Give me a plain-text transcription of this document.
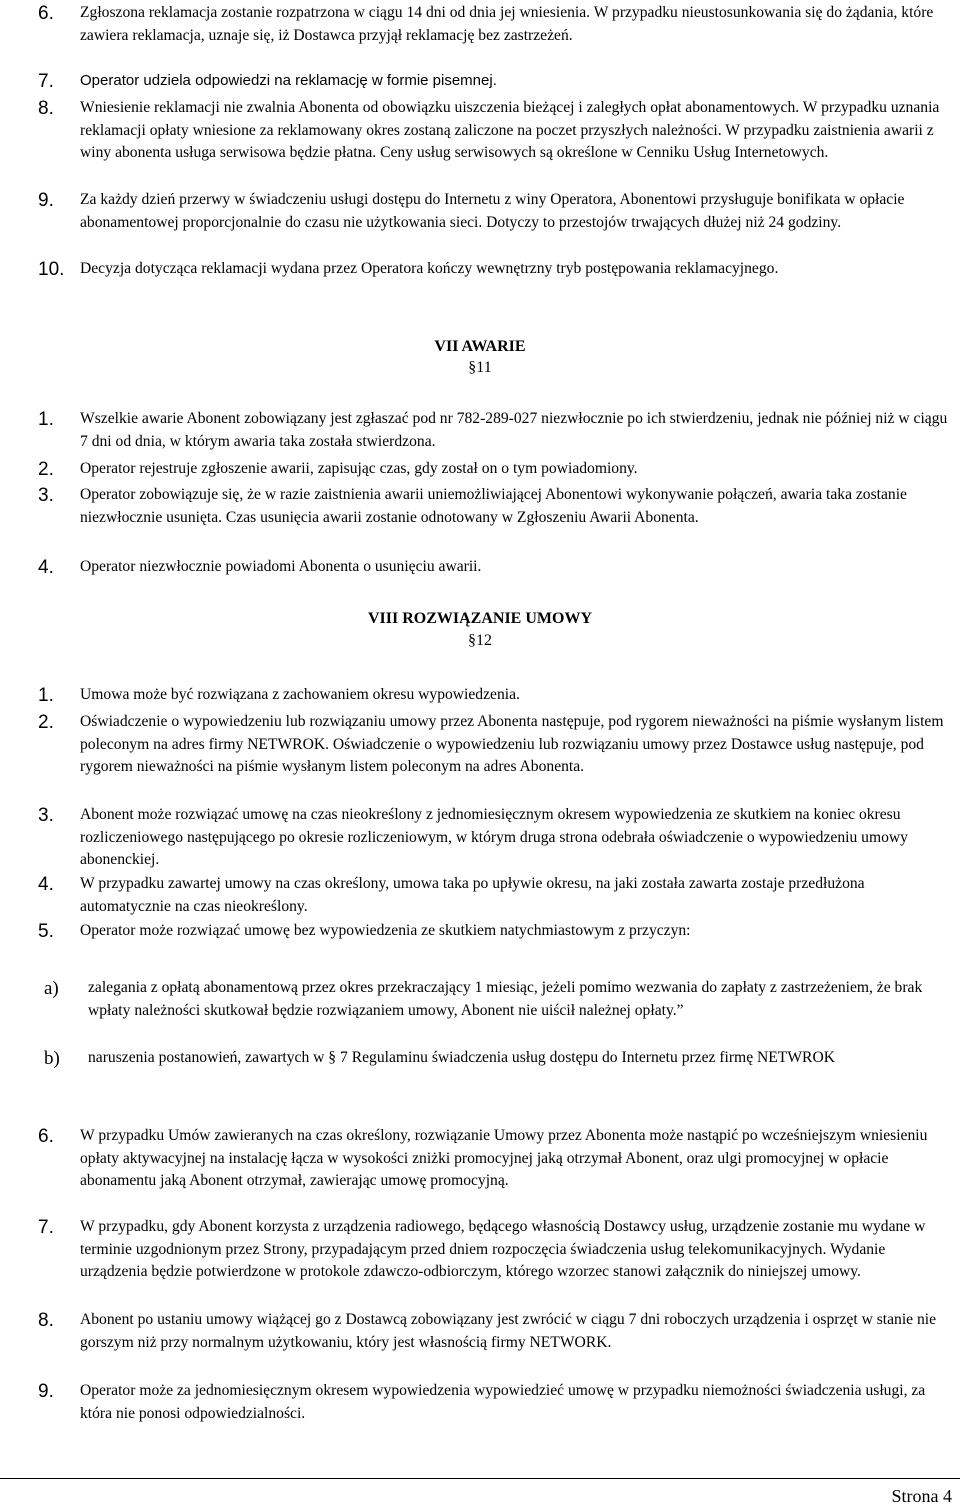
6.	Zgłoszona reklamacja zostanie rozpatrzona w ciągu 14 dni od dnia jej wniesienia. W przypadku nieustosunkowania się do żądania, które zawiera reklamacja, uznaje się, iż Dostawca przyjął reklamację bez zastrzeżeń.
7.	Operator udziela odpowiedzi na reklamację w formie pisemnej.
8.	Wniesienie reklamacji nie zwalnia Abonenta od obowiązku uiszczenia bieżącej i zaległych opłat abonamentowych. W przypadku uznania reklamacji opłaty wniesione za reklamowany okres zostaną zaliczone na poczet przyszłych należności. W przypadku zaistnienia awarii z winy abonenta usługa serwisowa będzie płatna. Ceny usług serwisowych są określone w Cenniku Usług Internetowych.
9.	Za każdy dzień przerwy w świadczeniu usługi dostępu do Internetu z winy Operatora, Abonentowi przysługuje bonifikata w opłacie abonamentowej proporcjonalnie do czasu nie użytkowania sieci. Dotyczy to przestojów trwających dłużej niż 24 godziny.
10. Decyzja dotycząca reklamacji wydana przez Operatora kończy wewnętrzny tryb postępowania reklamacyjnego.
VII AWARIE
§11
1.	Wszelkie awarie Abonent zobowiązany jest zgłaszać pod nr 782-289-027 niezwłocznie po ich stwierdzeniu, jednak nie później niż w ciągu 7 dni od dnia, w którym awaria taka została stwierdzona.
2.	Operator rejestruje zgłoszenie awarii, zapisując czas, gdy został on o tym powiadomiony.
3.	Operator zobowiązuje się, że w razie zaistnienia awarii uniemożliwiającej Abonentowi wykonywanie połączeń, awaria taka zostanie niezwłocznie usunięta. Czas usunięcia awarii zostanie odnotowany w Zgłoszeniu Awarii Abonenta.
4.	Operator niezwłocznie powiadomi Abonenta o usunięciu awarii.
VIII ROZWIĄZANIE UMOWY
§12
1.	Umowa może być rozwiązana z zachowaniem okresu wypowiedzenia.
2.	Oświadczenie o wypowiedzeniu lub rozwiązaniu umowy przez Abonenta następuje, pod rygorem nieważności na piśmie wysłanym listem poleconym na adres firmy NETWROK. Oświadczenie o wypowiedzeniu lub rozwiązaniu umowy przez Dostawce usług następuje, pod rygorem nieważności na piśmie wysłanym listem poleconym na adres Abonenta.
3.	Abonent może rozwiązać umowę na czas nieokreślony z jednomiesięcznym okresem wypowiedzenia ze skutkiem na koniec okresu rozliczeniowego następującego po okresie rozliczeniowym, w którym druga strona odebrała oświadczenie o wypowiedzeniu umowy abonenckiej.
4.	W przypadku zawartej umowy na czas określony, umowa taka po upływie okresu, na jaki została zawarta zostaje przedłużona automatycznie na czas nieokreślony.
5.	Operator może rozwiązać umowę bez wypowiedzenia ze skutkiem natychmiastowym z przyczyn:
a)	zalegania z opłatą abonamentową przez okres przekraczający 1 miesiąc, jeżeli pomimo wezwania do zapłaty z zastrzeżeniem, że brak wpłaty należności skutkował będzie rozwiązaniem umowy, Abonent nie uiścił należnej opłaty.”
b)	naruszenia postanowień, zawartych w § 7 Regulaminu świadczenia usług dostępu do Internetu przez firmę NETWROK
6.	W przypadku Umów zawieranych na czas określony, rozwiązanie Umowy przez Abonenta może nastąpić po wcześniejszym wniesieniu opłaty aktywacyjnej na instalację łącza w wysokości zniżki promocyjnej jaką otrzymał Abonent, oraz ulgi promocyjnej w opłacie abonamentu jaką Abonent otrzymał, zawierając umowę promocyjną.
7.	W przypadku, gdy Abonent korzysta z urządzenia radiowego, będącego własnością Dostawcy usług, urządzenie zostanie mu wydane w terminie uzgodnionym przez Strony, przypadającym przed dniem rozpoczęcia świadczenia usług telekomunikacyjnych. Wydanie urządzenia będzie potwierdzone w protokole zdawczo-odbiorczym, którego wzorzec stanowi załącznik do niniejszej umowy.
8.	Abonent po ustaniu umowy wiążącej go z Dostawcą zobowiązany jest zwrócić w ciągu 7 dni roboczych urządzenia i osprzęt w stanie nie gorszym niż przy normalnym użytkowaniu, który jest własnością firmy NETWORK.
9.	Operator może za jednomiesięcznym okresem wypowiedzenia wypowiedzieć umowę w przypadku niemożności świadczenia usługi, za która nie ponosi odpowiedzialności.
Strona 4
